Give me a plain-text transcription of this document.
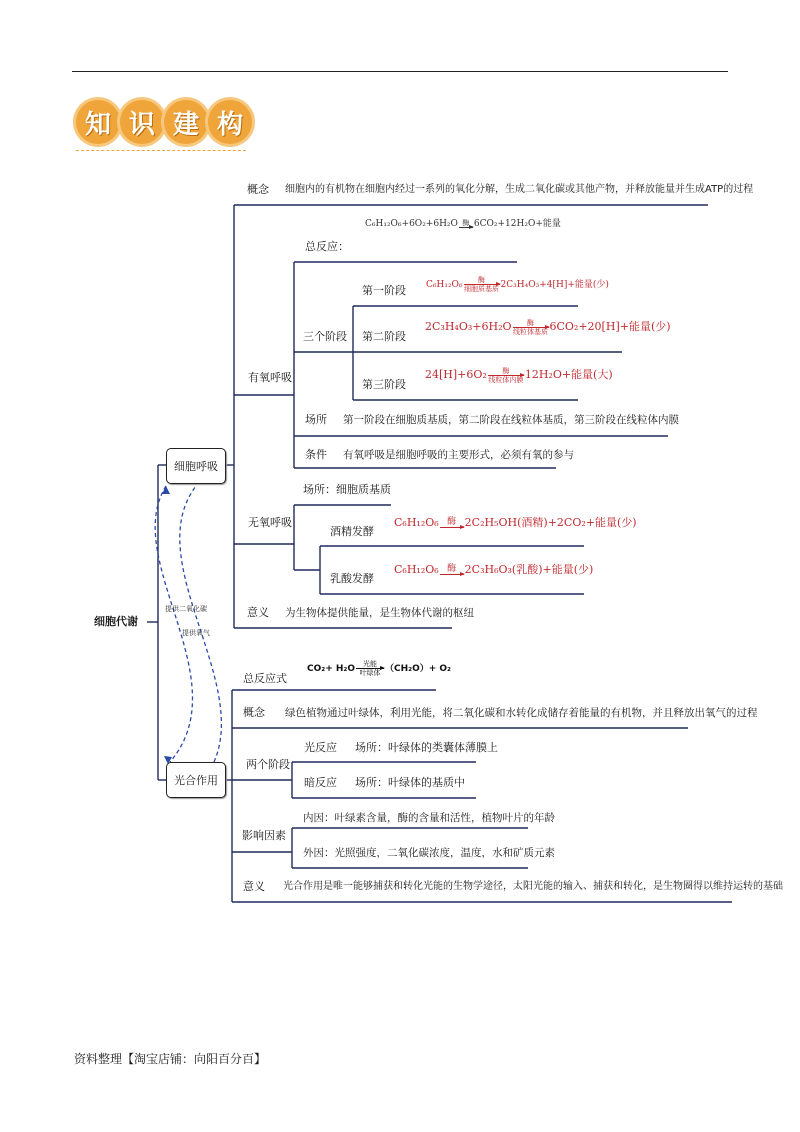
知 识 建 构
提供二氧化碳
提供氧气
细胞代谢
细胞呼吸
光合作用
概念 细胞内的有机物在细胞内经过一系列的氧化分解，生成二氧化碳或其他产物，并释放能量并生成ATP的过程
有氧呼吸
总反应：
C₆H₁₂O₆+6O₂+6H₂O 酶 6CO₂+12H₂O+能量
三个阶段
第一阶段 C₆H₁₂O₆ 酶
细胞质基质 2C₃H₄O₃+4[H]+能量(少)
第二阶段
2C₃H₄O₃+6H₂O 酶
线粒体基质 6CO₂+20[H]+能量(少)
第三阶段
24[H]+6O₂ 酶
线粒体内膜 12H₂O+能量(大)
场所 第一阶段在细胞质基质，第二阶段在线粒体基质，第三阶段在线粒体内膜
条件 有氧呼吸是细胞呼吸的主要形式，必须有氧的参与
无氧呼吸
场所：细胞质基质
酒精发酵
C₆H₁₂O₆ 酶 2C₂H₅OH(酒精)+2CO₂+能量(少)
乳酸发酵
C₆H₁₂O₆ 酶 2C₃H₆O₃(乳酸)+能量(少)
意义 为生物体提供能量，是生物体代谢的枢纽
总反应式
CO₂+ H₂O 光能
叶绿体 （CH₂O）+ O₂
概念 绿色植物通过叶绿体，利用光能，将二氧化碳和水转化成储存着能量的有机物，并且释放出氧气的过程
两个阶段
光反应 场所：叶绿体的类囊体薄膜上
暗反应 场所：叶绿体的基质中
影响因素
内因：叶绿素含量，酶的含量和活性，植物叶片的年龄
外因：光照强度，二氧化碳浓度，温度，水和矿质元素
意义 光合作用是唯一能够捕获和转化光能的生物学途径，太阳光能的输入、捕获和转化，是生物圈得以维持运转的基础
资料整理【淘宝店铺：向阳百分百】
